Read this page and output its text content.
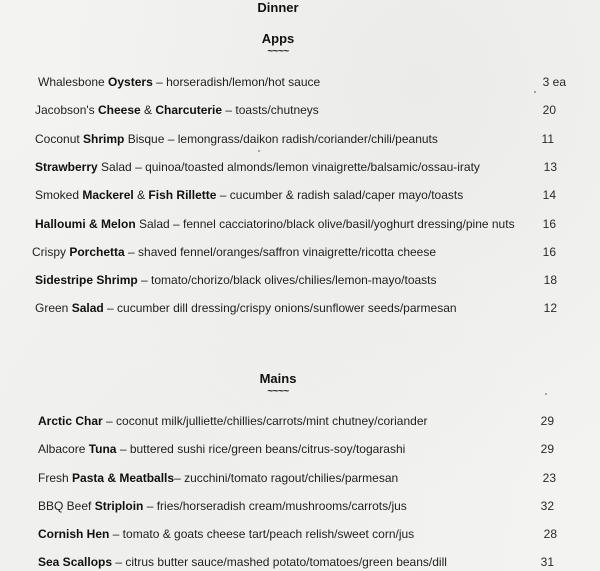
Dinner
Apps
~~~~
Whalesbone Oysters – horseradish/lemon/hot sauce	3 ea
Jacobson's Cheese & Charcuterie – toasts/chutneys	20
Coconut Shrimp Bisque – lemongrass/daikon radish/coriander/chili/peanuts	11
Strawberry Salad – quinoa/toasted almonds/lemon vinaigrette/balsamic/ossau-iraty	13
Smoked Mackerel & Fish Rillette – cucumber & radish salad/caper mayo/toasts	14
Halloumi & Melon Salad – fennel cacciatorino/black olive/basil/yoghurt dressing/pine nuts	16
Crispy Porchetta – shaved fennel/oranges/saffron vinaigrette/ricotta cheese	16
Sidestripe Shrimp – tomato/chorizo/black olives/chilies/lemon-mayo/toasts	18
Green Salad – cucumber dill dressing/crispy onions/sunflower seeds/parmesan	12
Mains
~~~~
Arctic Char – coconut milk/julliette/chillies/carrots/mint chutney/coriander	29
Albacore Tuna – buttered sushi rice/green beans/citrus-soy/togarashi	29
Fresh Pasta & Meatballs– zucchini/tomato ragout/chilies/parmesan	23
BBQ Beef Striploin – fries/horseradish cream/mushrooms/carrots/jus	32
Cornish Hen – tomato & goats cheese tart/peach relish/sweet corn/jus	28
Sea Scallops – citrus butter sauce/mashed potato/tomatoes/green beans/dill	31
